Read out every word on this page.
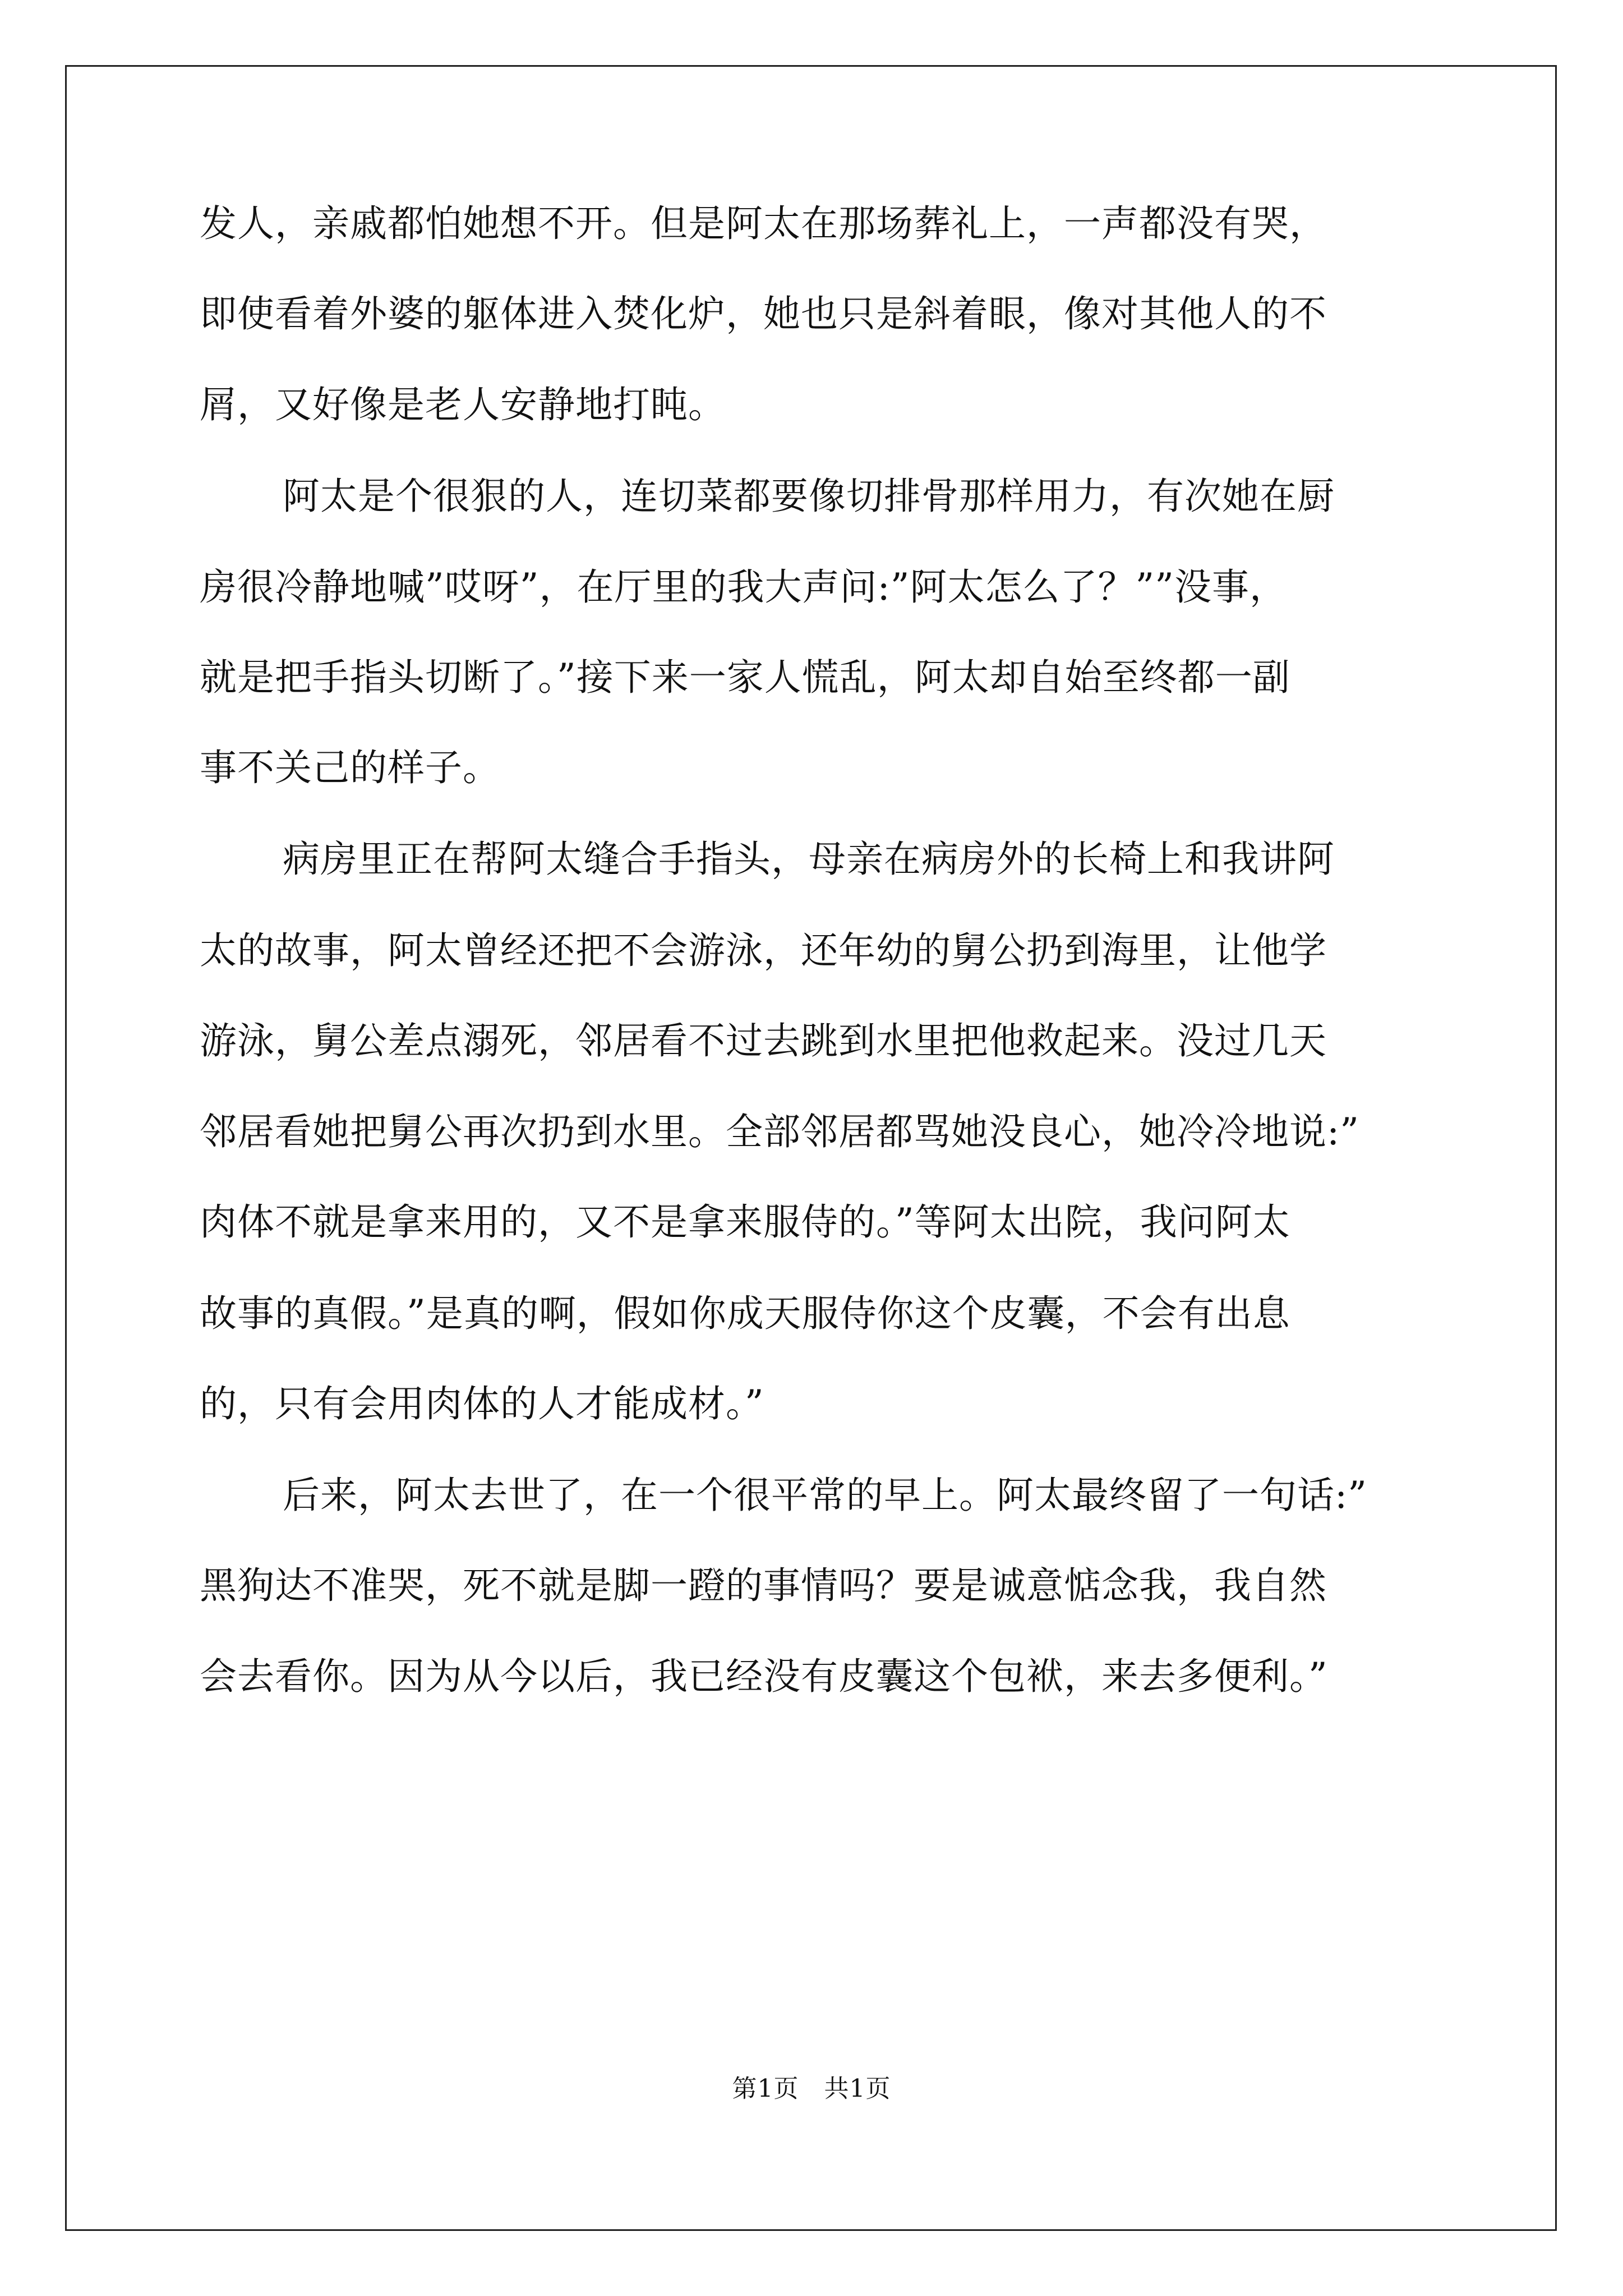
发人，亲戚都怕她想不开。但是阿太在那场葬礼上，一声都没有哭，
即使看着外婆的躯体进入焚化炉，她也只是斜着眼，像对其他人的不
屑，又好像是老人安静地打盹。
阿太是个很狠的人，连切菜都要像切排骨那样用力，有次她在厨
房很冷静地喊”哎呀”，在厅里的我大声问:”阿太怎么了？””没事，
就是把手指头切断了。”接下来一家人慌乱，阿太却自始至终都一副
事不关己的样子。
病房里正在帮阿太缝合手指头，母亲在病房外的长椅上和我讲阿
太的故事，阿太曾经还把不会游泳，还年幼的舅公扔到海里，让他学
游泳，舅公差点溺死，邻居看不过去跳到水里把他救起来。没过几天
邻居看她把舅公再次扔到水里。全部邻居都骂她没良心，她冷冷地说:”
肉体不就是拿来用的，又不是拿来服侍的。”等阿太出院，我问阿太
故事的真假。”是真的啊，假如你成天服侍你这个皮囊，不会有出息
的，只有会用肉体的人才能成材。”
后来，阿太去世了，在一个很平常的早上。阿太最终留了一句话:”
黑狗达不准哭，死不就是脚一蹬的事情吗？要是诚意惦念我，我自然
会去看你。因为从今以后，我已经没有皮囊这个包袱，来去多便利。”
第1页　共1页
